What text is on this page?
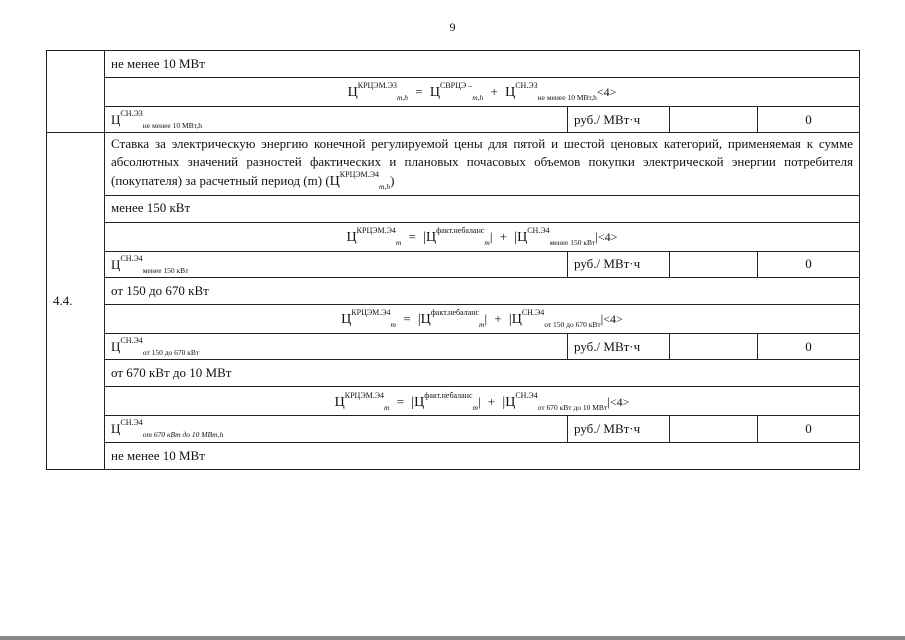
9
	не менее 10 МВт			
	$Ц^{КРЦЭМ.Э3}_{m,h} = Ц^{СВРЦЭ -}_{m,h} + Ц^{СН.Э3}_{не менее 10 МВт,h}<4>$			
	$Ц^{СН.Э3}_{не менее 10 МВт,h}$	руб./ МВт·ч		0
4.4.	Ставка за электрическую энергию конечной регулируемой цены для пятой и шестой ценовых категорий, применяемая к сумме абсолютных значений разностей фактических и плановых почасовых объемов покупки электрической энергии потребителя (покупателя) за расчетный период (m) $(Ц^{КРЦЭМ.Э4}_{m,h})$			
	менее 150 кВт			
	$Ц^{КРЦЭМ.Э4}_m = |Ц^{факт.небаланс}_m| + |Ц^{СН.Э4}_{менее 150 кВт}|<4>$			
	$Ц^{СН.Э4}_{менее 150 кВт}$	руб./ МВт·ч		0
	от 150 до 670 кВт			
	$Ц^{КРЦЭМ.Э4}_m = |Ц^{факт.небаланс}_m| + |Ц^{СН.Э4}_{от 150 до 670 кВт}|<4>$			
	$Ц^{СН.Э4}_{от 150 до 670 кВт}$	руб./ МВт·ч		0
	от 670 кВт до 10 МВт			
	$Ц^{КРЦЭМ.Э4}_m = |Ц^{факт.небаланс}_m| + |Ц^{СН.Э4}_{от 670 кВт до 10 МВт}|<4>$			
	$Ц^{СН.Э4}_{от 670 кВт до 10 МВт,h}$	руб./ МВт·ч		0
	не менее 10 МВт			
